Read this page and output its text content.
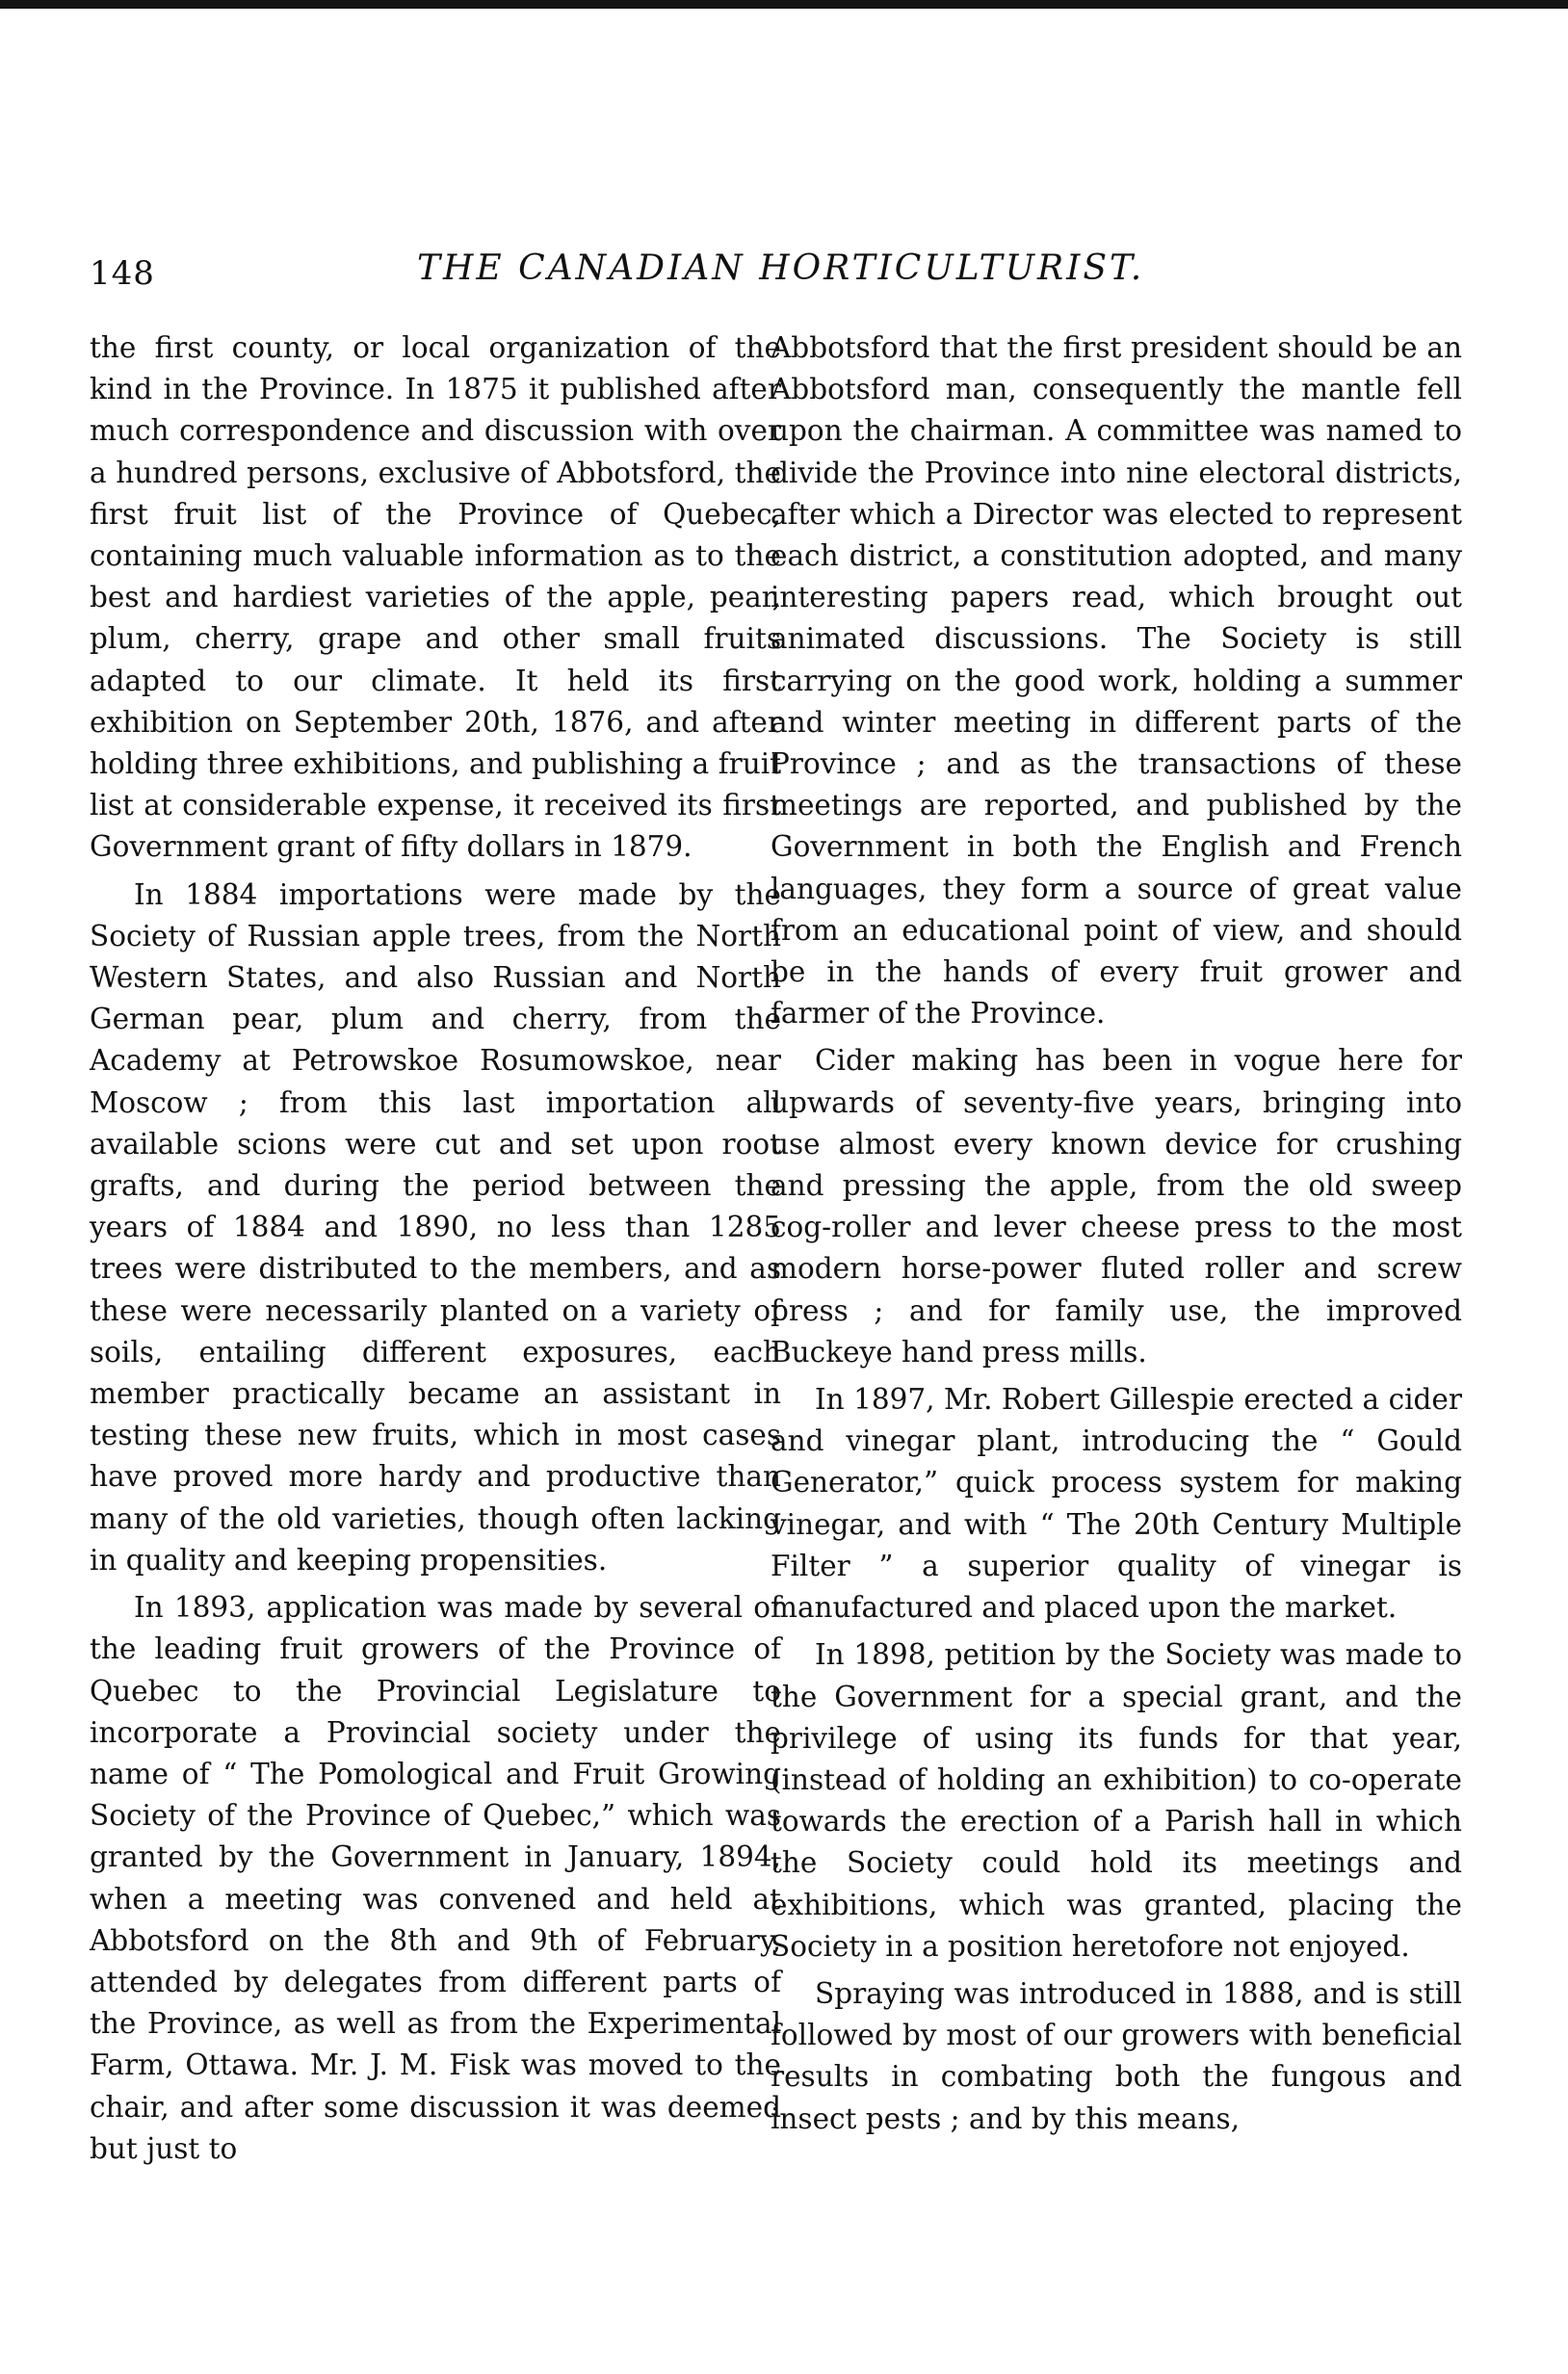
148	THE CANADIAN HORTICULTURIST.

the first county, or local organization of the kind in the Province. In 1875 it published after much correspondence and discussion with over a hundred persons, exclusive of Abbotsford, the first fruit list of the Province of Quebec, containing much valuable information as to the best and hardiest varieties of the apple, pear, plum, cherry, grape and other small fruits adapted to our climate. It held its first exhibition on September 20th, 1876, and after holding three exhibitions, and publishing a fruit list at considerable expense, it received its first Government grant of fifty dollars in 1879.

In 1884 importations were made by the Society of Russian apple trees, from the North Western States, and also Russian and North German pear, plum and cherry, from the Academy at Petrowskoe Rosumowskoe, near Moscow ; from this last importation all available scions were cut and set upon root grafts, and during the period between the years of 1884 and 1890, no less than 1285 trees were distributed to the members, and as these were necessarily planted on a variety of soils, entailing different exposures, each member practically became an assistant in testing these new fruits, which in most cases have proved more hardy and productive than many of the old varieties, though often lacking in quality and keeping propensities.

In 1893, application was made by several of the leading fruit growers of the Province of Quebec to the Provincial Legislature to incorporate a Provincial society under the name of “ The Pomological and Fruit Growing Society of the Province of Quebec,” which was granted by the Government in January, 1894, when a meeting was convened and held at Abbotsford on the 8th and 9th of February, attended by delegates from different parts of the Province, as well as from the Experimental Farm, Ottawa. Mr. J. M. Fisk was moved to the chair, and after some discussion it was deemed but just to

Abbotsford that the first president should be an Abbotsford man, consequently the mantle fell upon the chairman. A committee was named to divide the Province into nine electoral districts, after which a Director was elected to represent each district, a constitution adopted, and many interesting papers read, which brought out animated discussions. The Society is still carrying on the good work, holding a summer and winter meeting in different parts of the Province ; and as the transactions of these meetings are reported, and published by the Government in both the English and French languages, they form a source of great value from an educational point of view, and should be in the hands of every fruit grower and farmer of the Province.

Cider making has been in vogue here for upwards of seventy-five years, bringing into use almost every known device for crushing and pressing the apple, from the old sweep cog-roller and lever cheese press to the most modern horse-power fluted roller and screw press ; and for family use, the improved Buckeye hand press mills.

In 1897, Mr. Robert Gillespie erected a cider and vinegar plant, introducing the “ Gould Generator,” quick process system for making vinegar, and with “ The 20th Century Multiple Filter ” a superior quality of vinegar is manufactured and placed upon the market.

In 1898, petition by the Society was made to the Government for a special grant, and the privilege of using its funds for that year, (instead of holding an exhibition) to co-operate towards the erection of a Parish hall in which the Society could hold its meetings and exhibitions, which was granted, placing the Society in a position heretofore not enjoyed.

Spraying was introduced in 1888, and is still followed by most of our growers with beneficial results in combating both the fungous and insect pests ; and by this means,
